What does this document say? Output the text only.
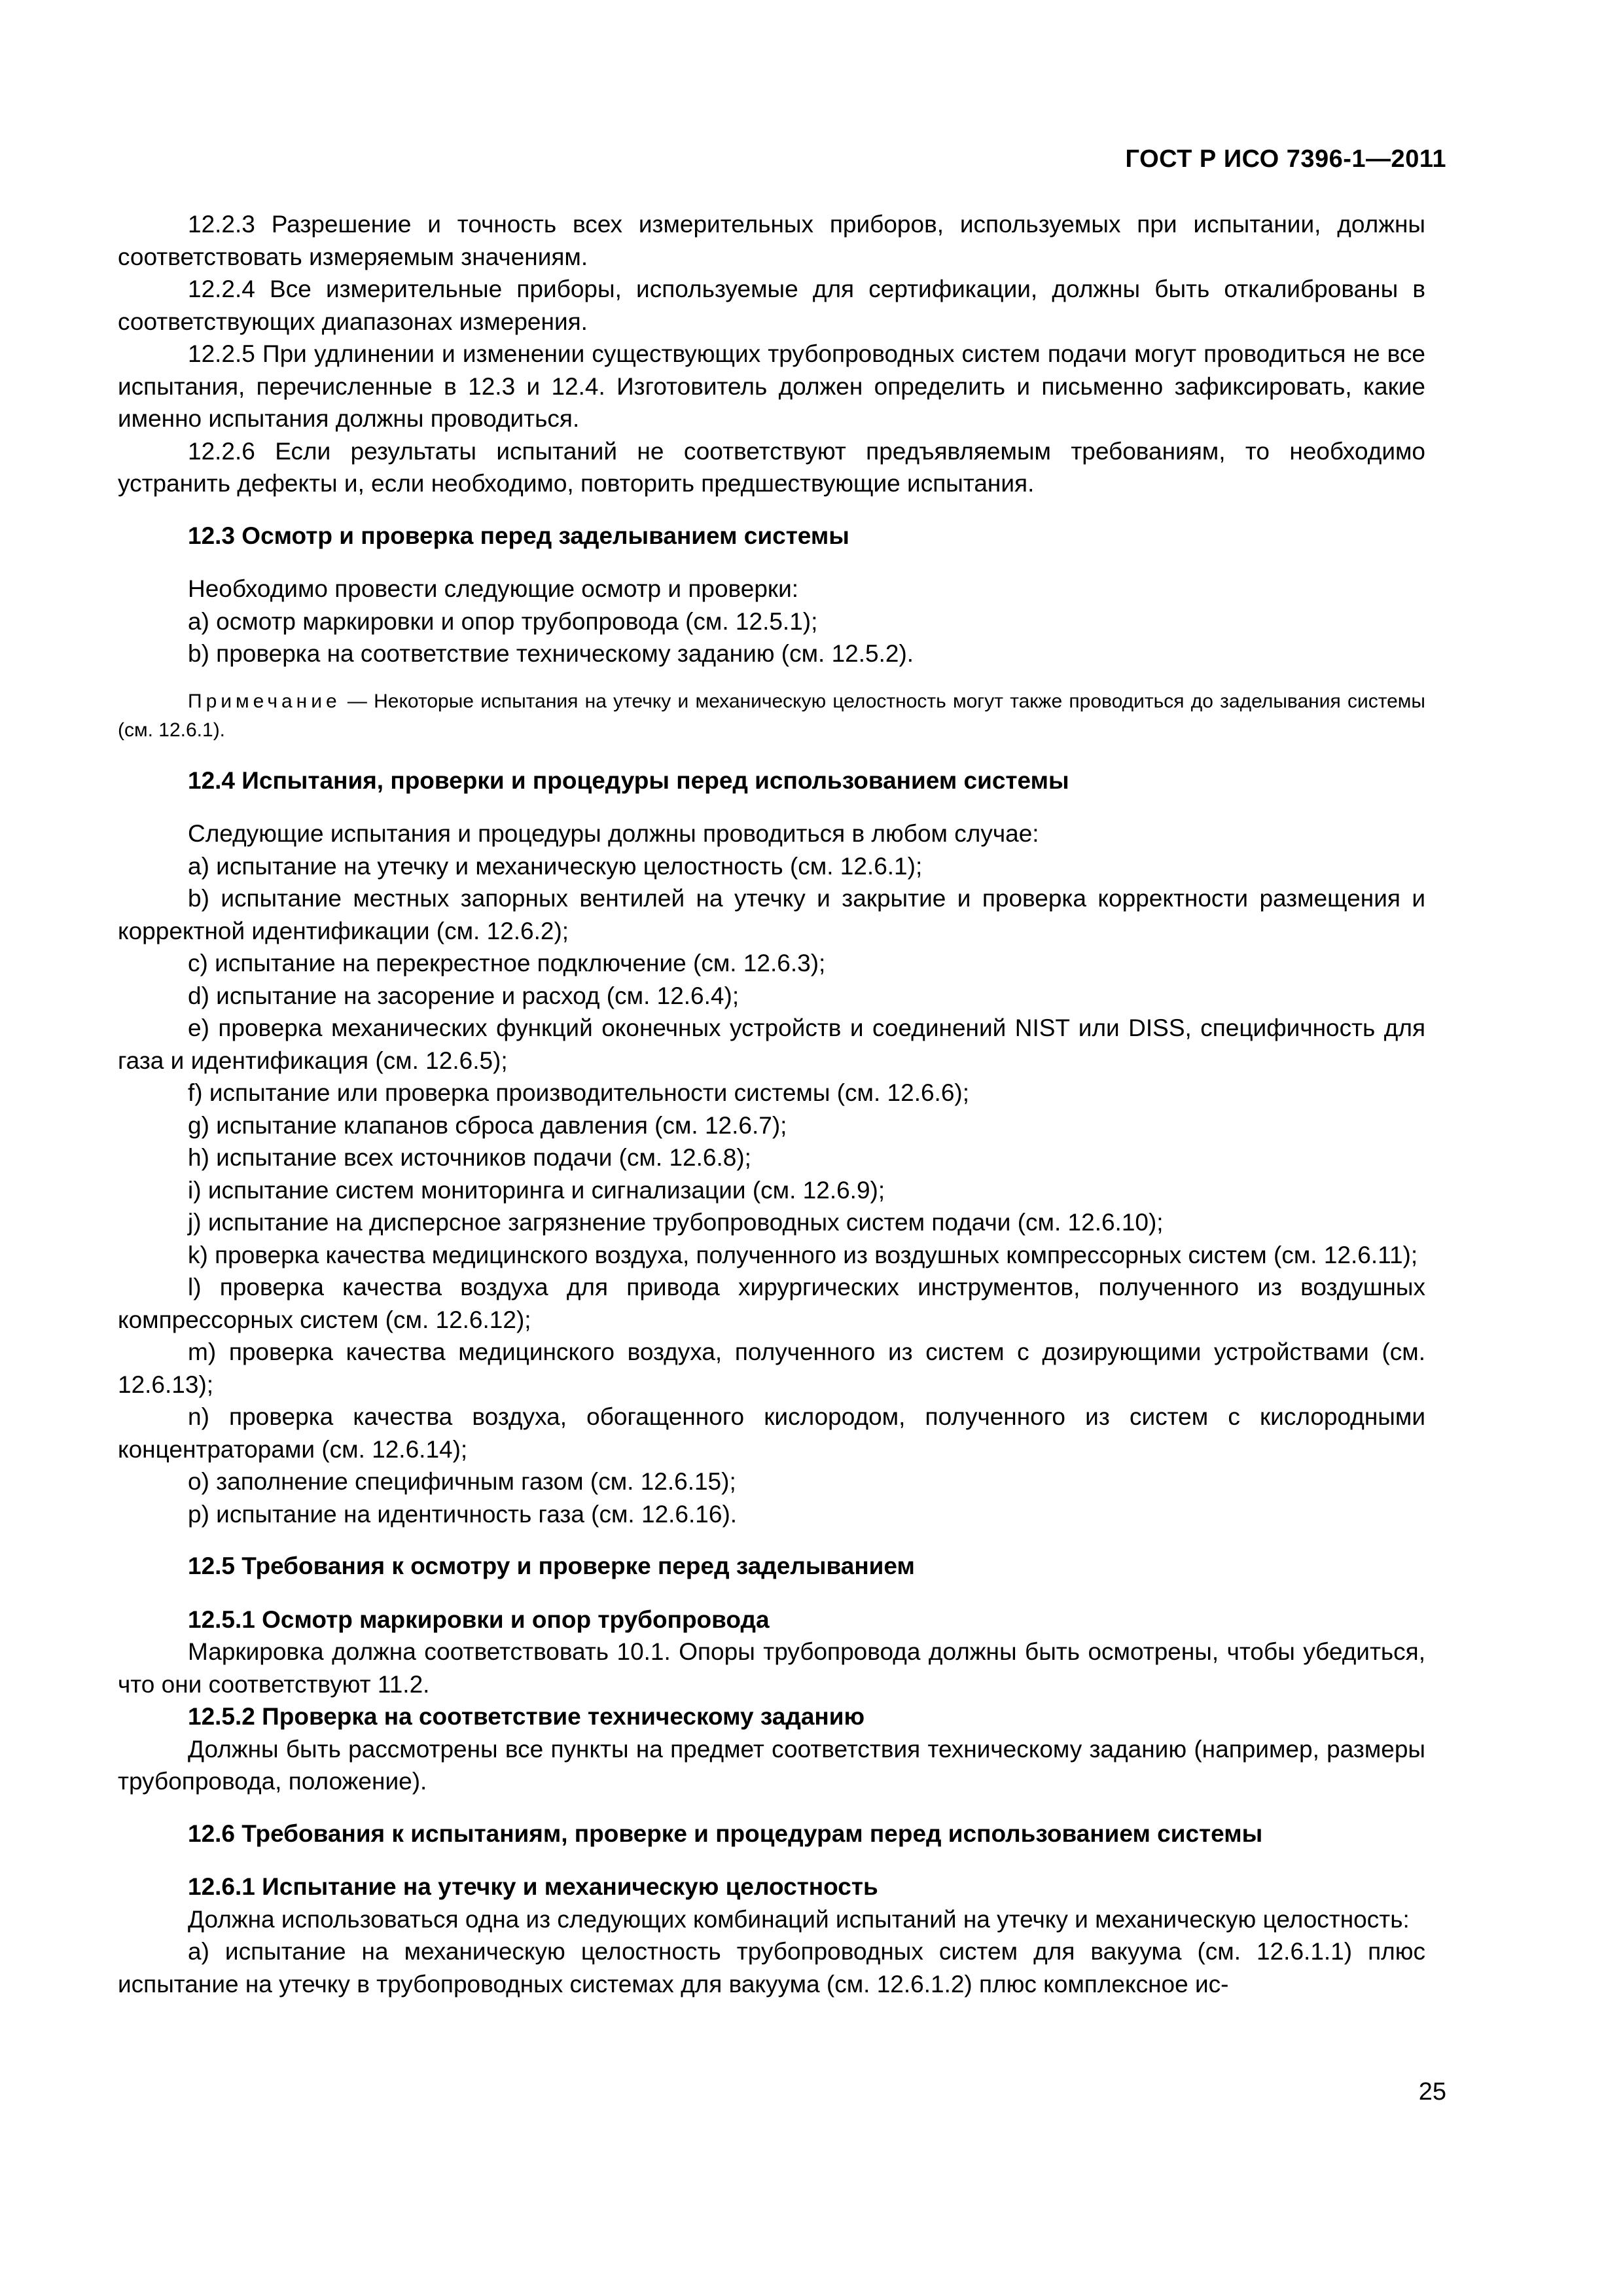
ГОСТ Р ИСО 7396-1—2011

12.2.3 Разрешение и точность всех измерительных приборов, используемых при испытании, должны соответствовать измеряемым значениям.

12.2.4 Все измерительные приборы, используемые для сертификации, должны быть откалиброваны в соответствующих диапазонах измерения.

12.2.5 При удлинении и изменении существующих трубопроводных систем подачи могут проводиться не все испытания, перечисленные в 12.3 и 12.4. Изготовитель должен определить и письменно зафиксировать, какие именно испытания должны проводиться.

12.2.6 Если результаты испытаний не соответствуют предъявляемым требованиям, то необходимо устранить дефекты и, если необходимо, повторить предшествующие испытания.

12.3 Осмотр и проверка перед заделыванием системы

Необходимо провести следующие осмотр и проверки:

a) осмотр маркировки и опор трубопровода (см. 12.5.1);

b) проверка на соответствие техническому заданию (см. 12.5.2).

Примечание — Некоторые испытания на утечку и механическую целостность могут также проводиться до заделывания системы (см. 12.6.1).

12.4 Испытания, проверки и процедуры перед использованием системы

Следующие испытания и процедуры должны проводиться в любом случае:

a) испытание на утечку и механическую целостность (см. 12.6.1);

b) испытание местных запорных вентилей на утечку и закрытие и проверка корректности размещения и корректной идентификации (см. 12.6.2);

c) испытание на перекрестное подключение (см. 12.6.3);

d) испытание на засорение и расход (см. 12.6.4);

e) проверка механических функций оконечных устройств и соединений NIST или DISS, специфичность для газа и идентификация (см. 12.6.5);

f) испытание или проверка производительности системы (см. 12.6.6);

g) испытание клапанов сброса давления (см. 12.6.7);

h) испытание всех источников подачи (см. 12.6.8);

i) испытание систем мониторинга и сигнализации (см. 12.6.9);

j) испытание на дисперсное загрязнение трубопроводных систем подачи (см. 12.6.10);

k) проверка качества медицинского воздуха, полученного из воздушных компрессорных систем (см. 12.6.11);

l) проверка качества воздуха для привода хирургических инструментов, полученного из воздушных компрессорных систем (см. 12.6.12);

m) проверка качества медицинского воздуха, полученного из систем с дозирующими устройствами (см. 12.6.13);

n) проверка качества воздуха, обогащенного кислородом, полученного из систем с кислородными концентраторами (см. 12.6.14);

o) заполнение специфичным газом (см. 12.6.15);

p) испытание на идентичность газа (см. 12.6.16).

12.5 Требования к осмотру и проверке перед заделыванием

12.5.1 Осмотр маркировки и опор трубопровода

Маркировка должна соответствовать 10.1. Опоры трубопровода должны быть осмотрены, чтобы убедиться, что они соответствуют 11.2.

12.5.2 Проверка на соответствие техническому заданию

Должны быть рассмотрены все пункты на предмет соответствия техническому заданию (например, размеры трубопровода, положение).

12.6 Требования к испытаниям, проверке и процедурам перед использованием системы

12.6.1 Испытание на утечку и механическую целостность

Должна использоваться одна из следующих комбинаций испытаний на утечку и механическую целостность:

a) испытание на механическую целостность трубопроводных систем для вакуума (см. 12.6.1.1) плюс испытание на утечку в трубопроводных системах для вакуума (см. 12.6.1.2) плюс комплексное ис-

25
